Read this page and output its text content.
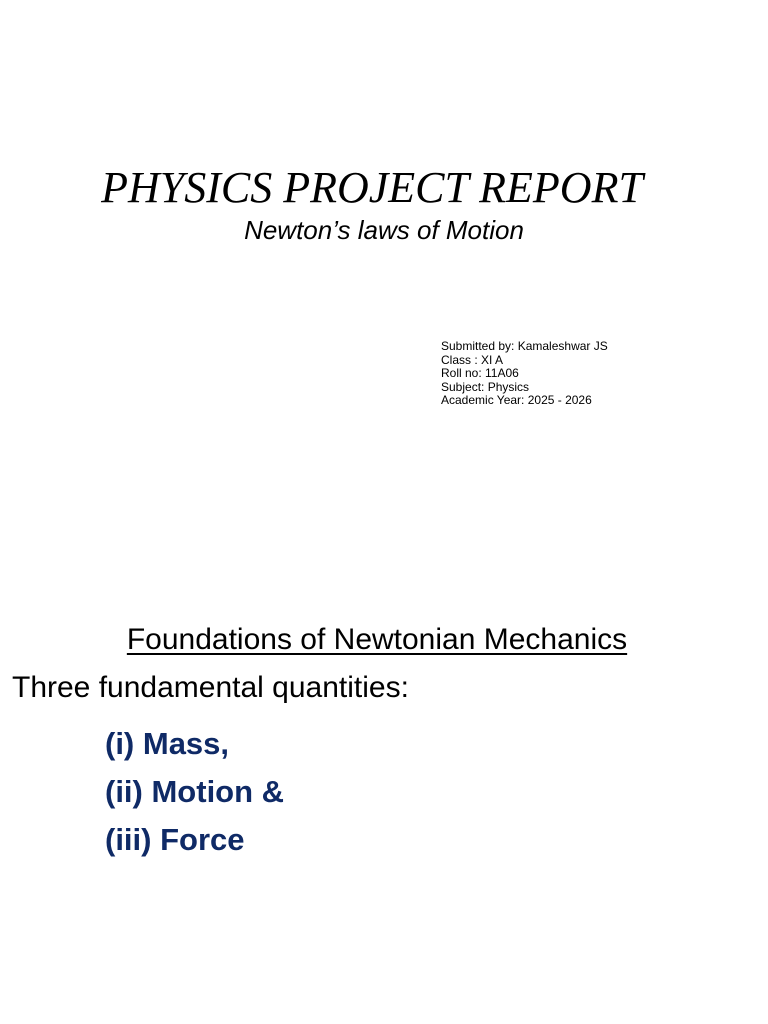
PHYSICS PROJECT REPORT

Newton’s laws of Motion

Submitted by: Kamaleshwar JS
Class : XI A
Roll no: 11A06
Subject: Physics
Academic Year: 2025 - 2026
Foundations of Newtonian Mechanics

Three fundamental quantities:

(i) Mass,
(ii) Motion &
(iii) Force
